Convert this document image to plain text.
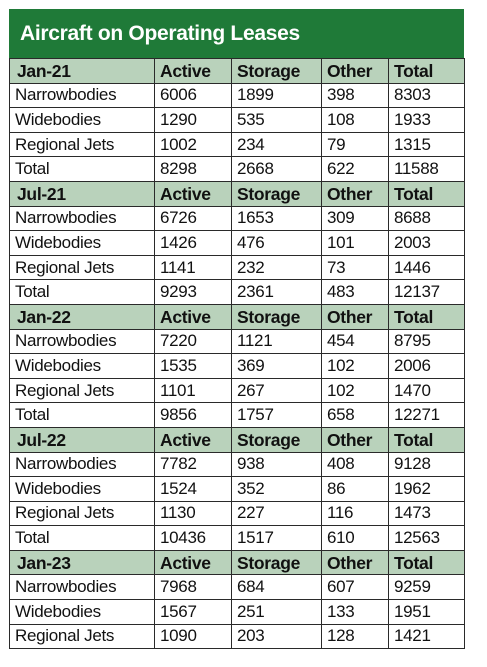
Aircraft on Operating Leases
Jan-21	Active	Storage	Other	Total
Narrowbodies	6006	1899	398	8303
Widebodies	1290	535	108	1933
Regional Jets	1002	234	79	1315
Total	8298	2668	622	11588
Jul-21	Active	Storage	Other	Total
Narrowbodies	6726	1653	309	8688
Widebodies	1426	476	101	2003
Regional Jets	1141	232	73	1446
Total	9293	2361	483	12137
Jan-22	Active	Storage	Other	Total
Narrowbodies	7220	1121	454	8795
Widebodies	1535	369	102	2006
Regional Jets	1101	267	102	1470
Total	9856	1757	658	12271
Jul-22	Active	Storage	Other	Total
Narrowbodies	7782	938	408	9128
Widebodies	1524	352	86	1962
Regional Jets	1130	227	116	1473
Total	10436	1517	610	12563
Jan-23	Active	Storage	Other	Total
Narrowbodies	7968	684	607	9259
Widebodies	1567	251	133	1951
Regional Jets	1090	203	128	1421
